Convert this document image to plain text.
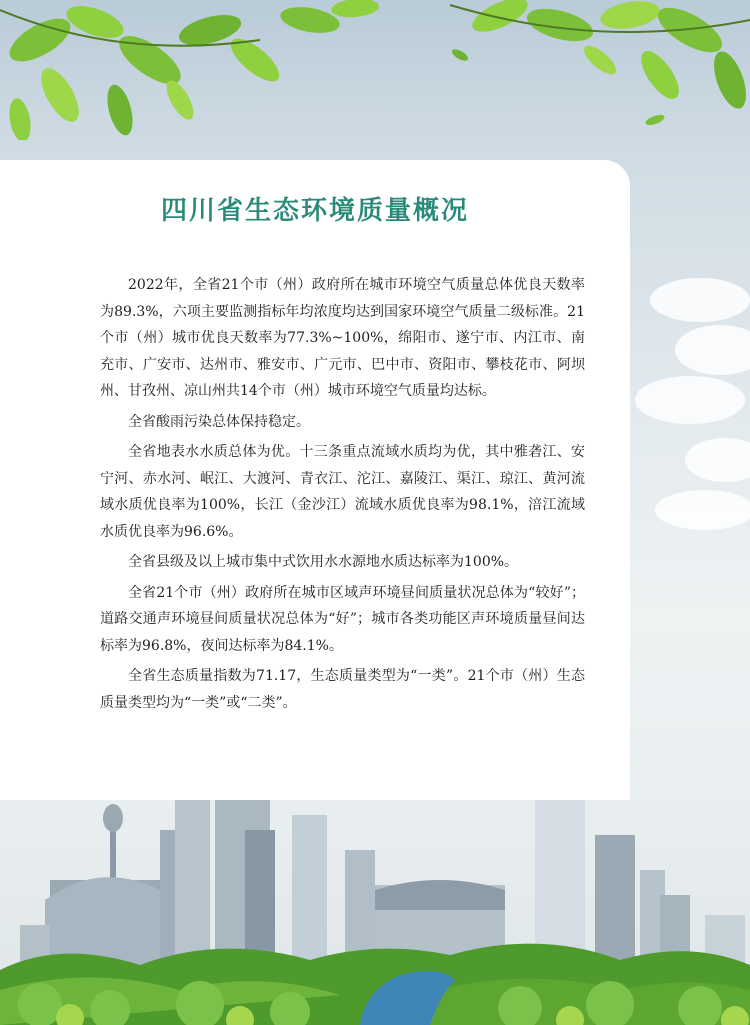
四川省生态环境质量概况

2022年，全省21个市（州）政府所在城市环境空气质量总体优良天数率为89.3%，六项主要监测指标年均浓度均达到国家环境空气质量二级标准。21个市（州）城市优良天数率为77.3%~100%，绵阳市、遂宁市、内江市、南充市、广安市、达州市、雅安市、广元市、巴中市、资阳市、攀枝花市、阿坝州、甘孜州、凉山州共14个市（州）城市环境空气质量均达标。

全省酸雨污染总体保持稳定。

全省地表水水质总体为优。十三条重点流域水质均为优，其中雅砻江、安宁河、赤水河、岷江、大渡河、青衣江、沱江、嘉陵江、渠江、琼江、黄河流域水质优良率为100%，长江（金沙江）流域水质优良率为98.1%，涪江流域水质优良率为96.6%。

全省县级及以上城市集中式饮用水水源地水质达标率为100%。

全省21个市（州）政府所在城市区域声环境昼间质量状况总体为“较好”；道路交通声环境昼间质量状况总体为“好”；城市各类功能区声环境质量昼间达标率为96.8%，夜间达标率为84.1%。

全省生态质量指数为71.17，生态质量类型为“一类”。21个市（州）生态质量类型均为“一类”或“二类”。
